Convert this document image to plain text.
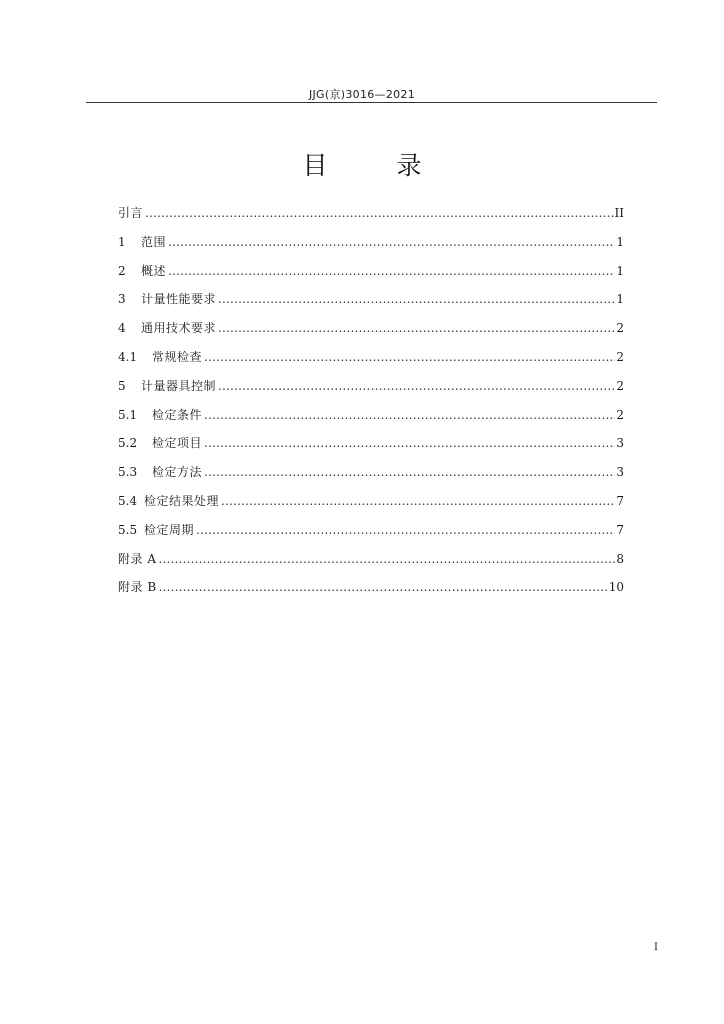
JJG(京)3016—2021
目　录
引言 .....	II
1	范围 .....	1
2	概述 .....	1
3	计量性能要求 .....	1
4	通用技术要求 .....	2
4.1	常规检查 .....	2
5	计量器具控制 .....	2
5.1	检定条件 .....	2
5.2	检定项目 .....	3
5.3	检定方法 .....	3
5.4 检定结果处理 .....	7
5.5 检定周期 .....	7
附录 A .....	8
附录 B .....	10
I
